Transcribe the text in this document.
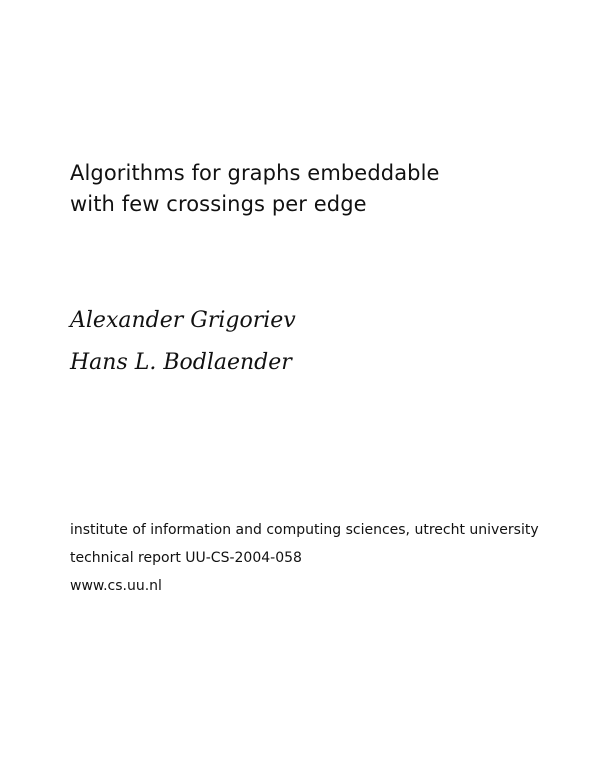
Algorithms for graphs embeddable
with few crossings per edge
Alexander Grigoriev
Hans L. Bodlaender
institute of information and computing sciences, utrecht university
technical report UU-CS-2004-058
www.cs.uu.nl
